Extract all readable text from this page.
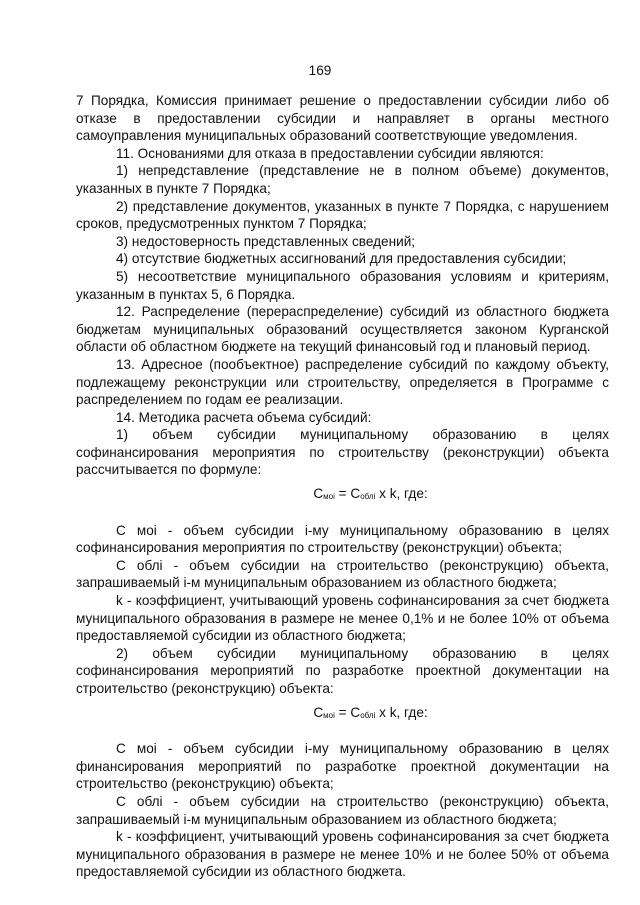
169

7 Порядка, Комиссия принимает решение о предоставлении субсидии либо об отказе в предоставлении субсидии и направляет в органы местного самоуправления муниципальных образований соответствующие уведомления.

11. Основаниями для отказа в предоставлении субсидии являются:

1) непредставление (представление не в полном объеме) документов, указанных в пункте 7 Порядка;

2) представление документов, указанных в пункте 7 Порядка, с нарушением сроков, предусмотренных пунктом 7 Порядка;

3) недостоверность представленных сведений;

4) отсутствие бюджетных ассигнований для предоставления субсидии;

5) несоответствие муниципального образования условиям и критериям, указанным в пунктах 5, 6 Порядка.

12. Распределение (перераспределение) субсидий из областного бюджета бюджетам муниципальных образований осуществляется законом Курганской области об областном бюджете на текущий финансовый год и плановый период.

13. Адресное (пообъектное) распределение субсидий по каждому объекту, подлежащему реконструкции или строительству, определяется в Программе с распределением по годам ее реализации.

14. Методика расчета объема субсидий:

1) объем субсидии муниципальному образованию в целях софинансирования мероприятия по строительству (реконструкции) объекта рассчитывается по формуле:

$C_{моi} = C_{облi}$ x k, где:

C моi - объем субсидии i-му муниципальному образованию в целях софинансирования мероприятия по строительству (реконструкции) объекта;

C облi - объем субсидии на строительство (реконструкцию) объекта, запрашиваемый i-м муниципальным образованием из областного бюджета;

k - коэффициент, учитывающий уровень софинансирования за счет бюджета муниципального образования в размере не менее 0,1% и не более 10% от объема предоставляемой субсидии из областного бюджета;

2) объем субсидии муниципальному образованию в целях софинансирования мероприятий по разработке проектной документации на строительство (реконструкцию) объекта:

$C_{моi} = C_{облi}$ x k, где:

C моi - объем субсидии i-му муниципальному образованию в целях финансирования мероприятий по разработке проектной документации на строительство (реконструкцию) объекта;

C облi - объем субсидии на строительство (реконструкцию) объекта, запрашиваемый i-м муниципальным образованием из областного бюджета;

k - коэффициент, учитывающий уровень софинансирования за счет бюджета муниципального образования в размере не менее 10% и не более 50% от объема предоставляемой субсидии из областного бюджета.
